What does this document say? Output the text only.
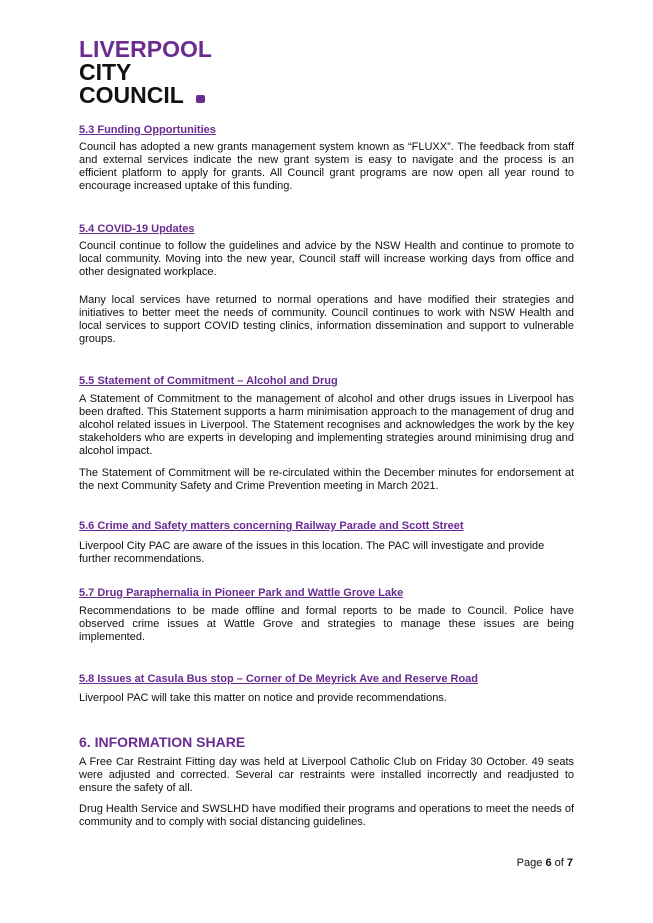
LIVERPOOL
CITY
COUNCIL
5.3 Funding Opportunities

Council has adopted a new grants management system known as “FLUXX”. The feedback from staff and external services indicate the new grant system is easy to navigate and the process is an efficient platform to apply for grants. All Council grant programs are now open all year round to encourage increased uptake of this funding.

5.4 COVID-19 Updates

Council continue to follow the guidelines and advice by the NSW Health and continue to promote to local community. Moving into the new year, Council staff will increase working days from office and other designated workplace.

Many local services have returned to normal operations and have modified their strategies and initiatives to better meet the needs of community. Council continues to work with NSW Health and local services to support COVID testing clinics, information dissemination and support to vulnerable groups.

5.5 Statement of Commitment – Alcohol and Drug

A Statement of Commitment to the management of alcohol and other drugs issues in Liverpool has been drafted. This Statement supports a harm minimisation approach to the management of drug and alcohol related issues in Liverpool. The Statement recognises and acknowledges the work by the key stakeholders who are experts in developing and implementing strategies around minimising drug and alcohol impact.

The Statement of Commitment will be re-circulated within the December minutes for endorsement at the next Community Safety and Crime Prevention meeting in March 2021.

5.6 Crime and Safety matters concerning Railway Parade and Scott Street

Liverpool City PAC are aware of the issues in this location. The PAC will investigate and provide further recommendations.

5.7 Drug Paraphernalia in Pioneer Park and Wattle Grove Lake

Recommendations to be made offline and formal reports to be made to Council. Police have observed crime issues at Wattle Grove and strategies to manage these issues are being implemented.

5.8 Issues at Casula Bus stop – Corner of De Meyrick Ave and Reserve Road

Liverpool PAC will take this matter on notice and provide recommendations.

6. INFORMATION SHARE

A Free Car Restraint Fitting day was held at Liverpool Catholic Club on Friday 30 October. 49 seats were adjusted and corrected. Several car restraints were installed incorrectly and readjusted to ensure the safety of all.

Drug Health Service and SWSLHD have modified their programs and operations to meet the needs of community and to comply with social distancing guidelines.

Page 6 of 7
